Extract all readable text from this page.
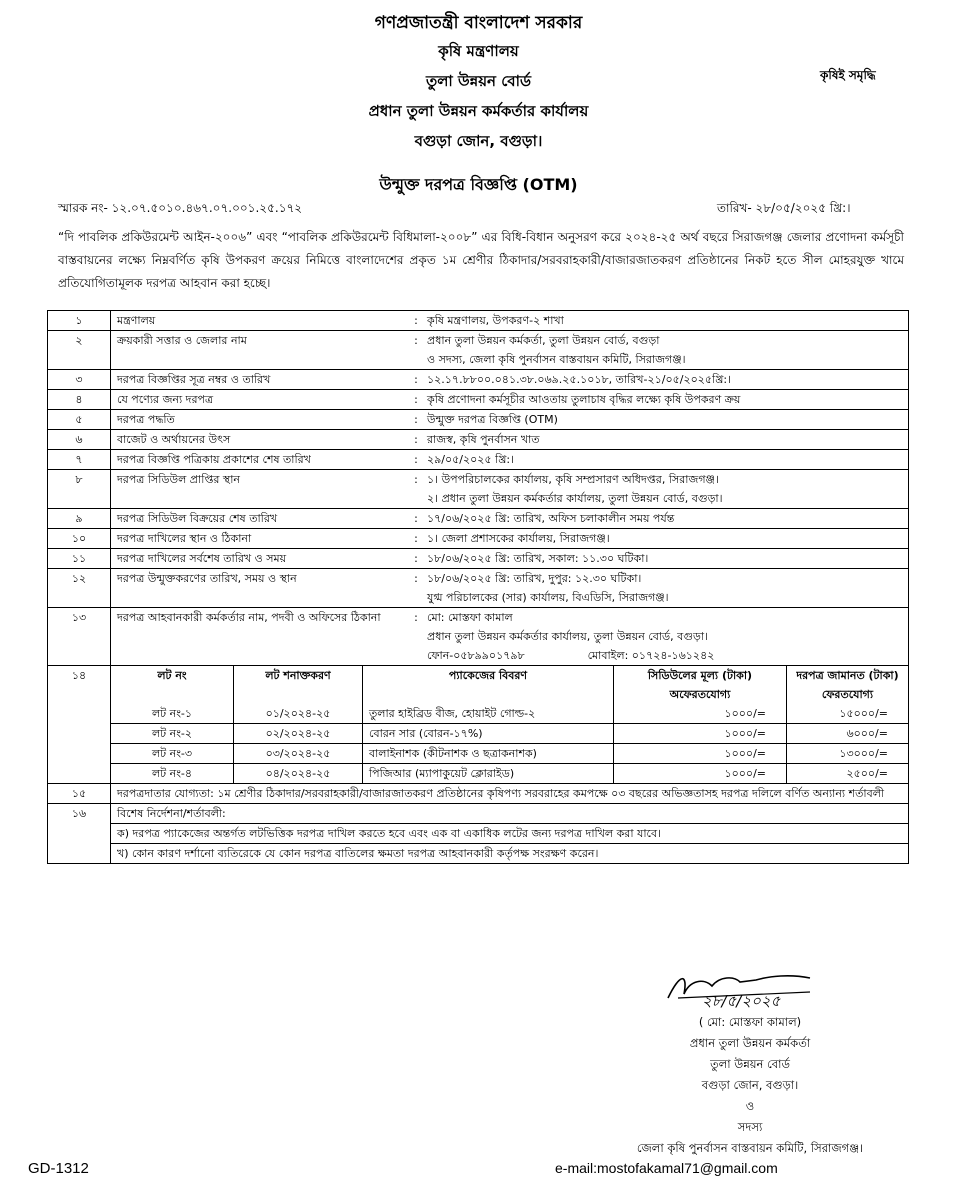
গণপ্রজাতন্ত্রী বাংলাদেশ সরকার
কৃষি মন্ত্রণালয়
তুলা উন্নয়ন বোর্ড
প্রধান তুলা উন্নয়ন কর্মকর্তার কার্যালয়
বগুড়া জোন, বগুড়া।
কৃষিই সমৃদ্ধি
উন্মুক্ত দরপত্র বিজ্ঞপ্তি (OTM)
স্মারক নং- ১২.০৭.৫০১০.৪৬৭.০৭.০০১.২৫.১৭২	তারিখ- ২৮/০৫/২০২৫ খ্রি:।
“দি পাবলিক প্রকিউরমেন্ট আইন-২০০৬” এবং “পাবলিক প্রকিউরমেন্ট বিধিমালা-২০০৮” এর বিধি-বিধান অনুসরণ করে ২০২৪-২৫ অর্থ বছরে সিরাজগঞ্জ জেলার প্রণোদনা কর্মসূচী বাস্তবায়নের লক্ষ্যে নিম্নবর্ণিত কৃষি উপকরণ ক্রয়ের নিমিত্তে বাংলাদেশের প্রকৃত ১ম শ্রেণীর ঠিকাদার/সরবরাহকারী/বাজারজাতকরণ প্রতিষ্ঠানের নিকট হতে সীল মোহরযুক্ত খামে প্রতিযোগিতামূলক দরপত্র আহবান করা হচ্ছে।
১	মন্ত্রণালয়	:	কৃষি মন্ত্রণালয়, উপকরণ-২ শাখা

২	ক্রয়কারী সত্তার ও জেলার নাম	:	প্রধান তুলা উন্নয়ন কর্মকর্তা, তুলা উন্নয়ন বোর্ড, বগুড়া
ও সদস্য, জেলা কৃষি পুনর্বাসন বাস্তবায়ন কমিটি, সিরাজগঞ্জ।

৩	দরপত্র বিজ্ঞপ্তির সূত্র নম্বর ও তারিখ	:	১২.১৭.৮৮০০.০৪১.৩৮.০৬৯.২৫.১০১৮, তারিখ-২১/০৫/২০২৫খ্রি:।

৪	যে পণ্যের জন্য দরপত্র	:	কৃষি প্রণোদনা কর্মসূচীর আওতায় তুলাচাষ বৃদ্ধির লক্ষ্যে কৃষি উপকরণ ক্রয়

৫	দরপত্র পদ্ধতি	:	উন্মুক্ত দরপত্র বিজ্ঞপ্তি (OTM)

৬	বাজেট ও অর্থায়নের উৎস	:	রাজস্ব, কৃষি পুনর্বাসন খাত

৭	দরপত্র বিজ্ঞপ্তি পত্রিকায় প্রকাশের শেষ তারিখ	:	২৯/০৫/২০২৫ খ্রি:।

৮	দরপত্র সিডিউল প্রাপ্তির স্থান	:	১। উপপরিচালকের কার্যালয়, কৃষি সম্প্রসারণ অধিদপ্তর, সিরাজগঞ্জ।
২। প্রধান তুলা উন্নয়ন কর্মকর্তার কার্যালয়, তুলা উন্নয়ন বোর্ড, বগুড়া।

৯	দরপত্র সিডিউল বিক্রয়ের শেষ তারিখ	:	১৭/০৬/২০২৫ খ্রি: তারিখ, অফিস চলাকালীন সময় পর্যন্ত

১০	দরপত্র দাখিলের স্থান ও ঠিকানা	:	১। জেলা প্রশাসকের কার্যালয়, সিরাজগঞ্জ।

১১	দরপত্র দাখিলের সর্বশেষ তারিখ ও সময়	:	১৮/০৬/২০২৫ খ্রি: তারিখ, সকাল: ১১.৩০ ঘটিকা।

১২	দরপত্র উন্মুক্তকরণের তারিখ, সময় ও স্থান	:	১৮/০৬/২০২৫ খ্রি: তারিখ, দুপুর: ১২.৩০ ঘটিকা।
যুগ্ম পরিচালকের (সার) কার্যালয়, বিএডিসি, সিরাজগঞ্জ।

১৩	দরপত্র আহবানকারী কর্মকর্তার নাম, পদবী ও অফিসের ঠিকানা	:	মো: মোস্তফা কামাল
প্রধান তুলা উন্নয়ন কর্মকর্তার কার্যালয়, তুলা উন্নয়ন বোর্ড, বগুড়া।
ফোন-০৫৮৯৯০১৭৯৮                  মোবাইল: ০১৭২৪-১৬১২৪২

১৪		লট নং	লট শনাক্তকরণ	প্যাকেজের বিবরণ	সিডিউলের মূল্য (টাকা) অফেরতযোগ্য	দরপত্র জামানত (টাকা) ফেরতযোগ্য
লট নং-১	০১/২০২৪-২৫	তুলার হাইব্রিড বীজ, হোয়াইট গোল্ড-২	১০০০/=	১৫০০০/=
লট নং-২	০২/২০২৪-২৫	বোরন সার (বোরন-১৭%)	১০০০/=	৬০০০/=
লট নং-৩	০৩/২০২৪-২৫	বালাইনাশক (কীটনাশক ও ছত্রাকনাশক)	১০০০/=	১৩০০০/=
লট নং-৪	০৪/২০২৪-২৫	পিজিআর (ম্যাপাকুয়েট ক্লোরাইড)	১০০০/=	২৫০০/=

১৫	দরপত্রদাতার যোগ্যতা: ১ম শ্রেণীর ঠিকাদার/সরবরাহকারী/বাজারজাতকরণ প্রতিষ্ঠানের কৃষিপণ্য সরবরাহের কমপক্ষে ০৩ বছরের অভিজ্ঞতাসহ দরপত্র দলিলে বর্ণিত অন্যান্য শর্তাবলী
১৬	বিশেষ নির্দেশনা/শর্তাবলী:
ক) দরপত্র প্যাকেজের অন্তর্গত লটভিত্তিক দরপত্র দাখিল করতে হবে এবং এক বা একাধিক লটের জন্য দরপত্র দাখিল করা যাবে।
খ) কোন কারণ দর্শানো ব্যতিরেকে যে কোন দরপত্র বাতিলের ক্ষমতা দরপত্র আহবানকারী কর্তৃপক্ষ সংরক্ষণ করেন।
২৮/৫/২০২৫
( মো: মোস্তফা কামাল)
প্রধান তুলা উন্নয়ন কর্মকর্তা
তুলা উন্নয়ন বোর্ড
বগুড়া জোন, বগুড়া।
ও
সদস্য
জেলা কৃষি পুনর্বাসন বাস্তবায়ন কমিটি, সিরাজগঞ্জ।
GD-1312	e-mail:mostofakamal71@gmail.com
